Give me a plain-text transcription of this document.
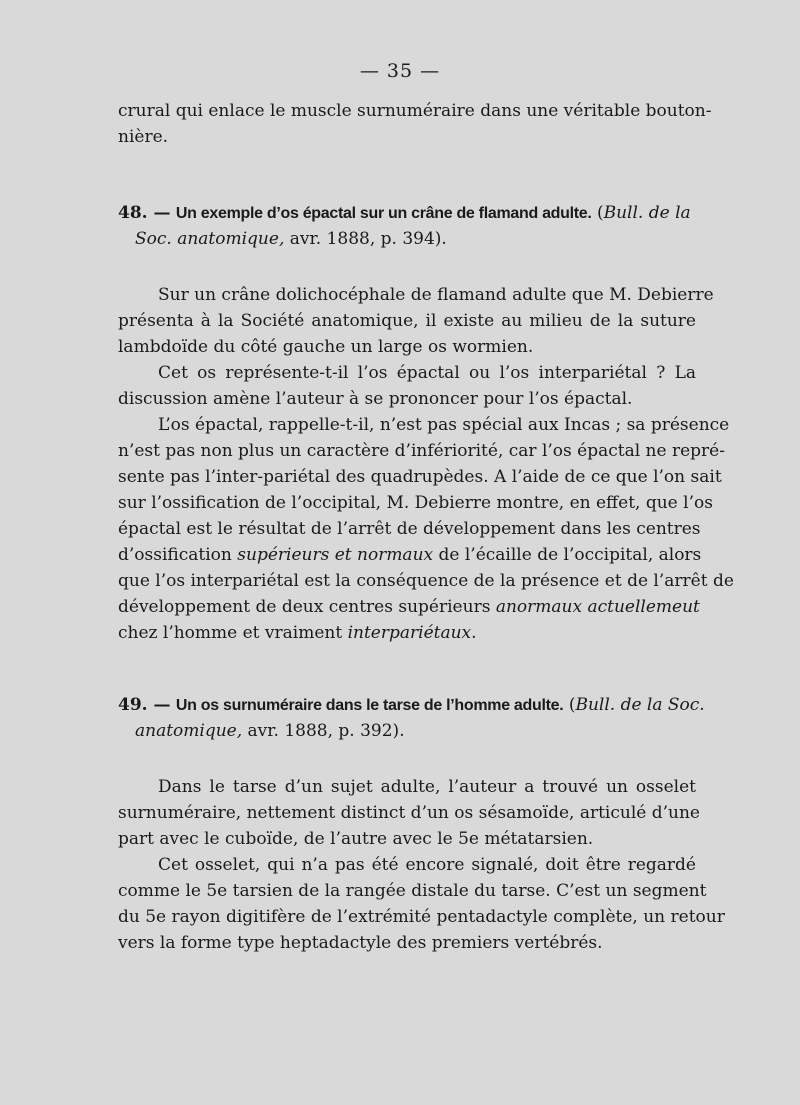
— 35 —
crural qui enlace le muscle surnuméraire dans une véritable bouton-
nière.
48. — Un exemple d’os épactal sur un crâne de flamand adulte. (Bull. de la
Soc. anatomique, avr. 1888, p. 394).
Sur un crâne dolichocéphale de flamand adulte que M. Debierre
présenta à la Société anatomique, il existe au milieu de la suture
lambdoïde du côté gauche un large os wormien.
Cet os représente-t-il l’os épactal ou l’os interpariétal ? La
discussion amène l’auteur à se prononcer pour l’os épactal.
L’os épactal, rappelle-t-il, n’est pas spécial aux Incas ; sa présence
n’est pas non plus un caractère d’infériorité, car l’os épactal ne repré-
sente pas l’inter-pariétal des quadrupèdes. A l’aide de ce que l’on sait
sur l’ossification de l’occipital, M. Debierre montre, en effet, que l’os
épactal est le résultat de l’arrêt de développement dans les centres
d’ossification supérieurs et normaux de l’écaille de l’occipital, alors
que l’os interpariétal est la conséquence de la présence et de l’arrêt de
développement de deux centres supérieurs anormaux actuellemeut
chez l’homme et vraiment interpariétaux.
49. — Un os surnuméraire dans le tarse de l’homme adulte. (Bull. de la Soc.
anatomique, avr. 1888, p. 392).
Dans le tarse d’un sujet adulte, l’auteur a trouvé un osselet
surnuméraire, nettement distinct d’un os sésamoïde, articulé d’une
part avec le cuboïde, de l’autre avec le 5e métatarsien.
Cet osselet, qui n’a pas été encore signalé, doit être regardé
comme le 5e tarsien de la rangée distale du tarse. C’est un segment
du 5e rayon digitifère de l’extrémité pentadactyle complète, un retour
vers la forme type heptadactyle des premiers vertébrés.
